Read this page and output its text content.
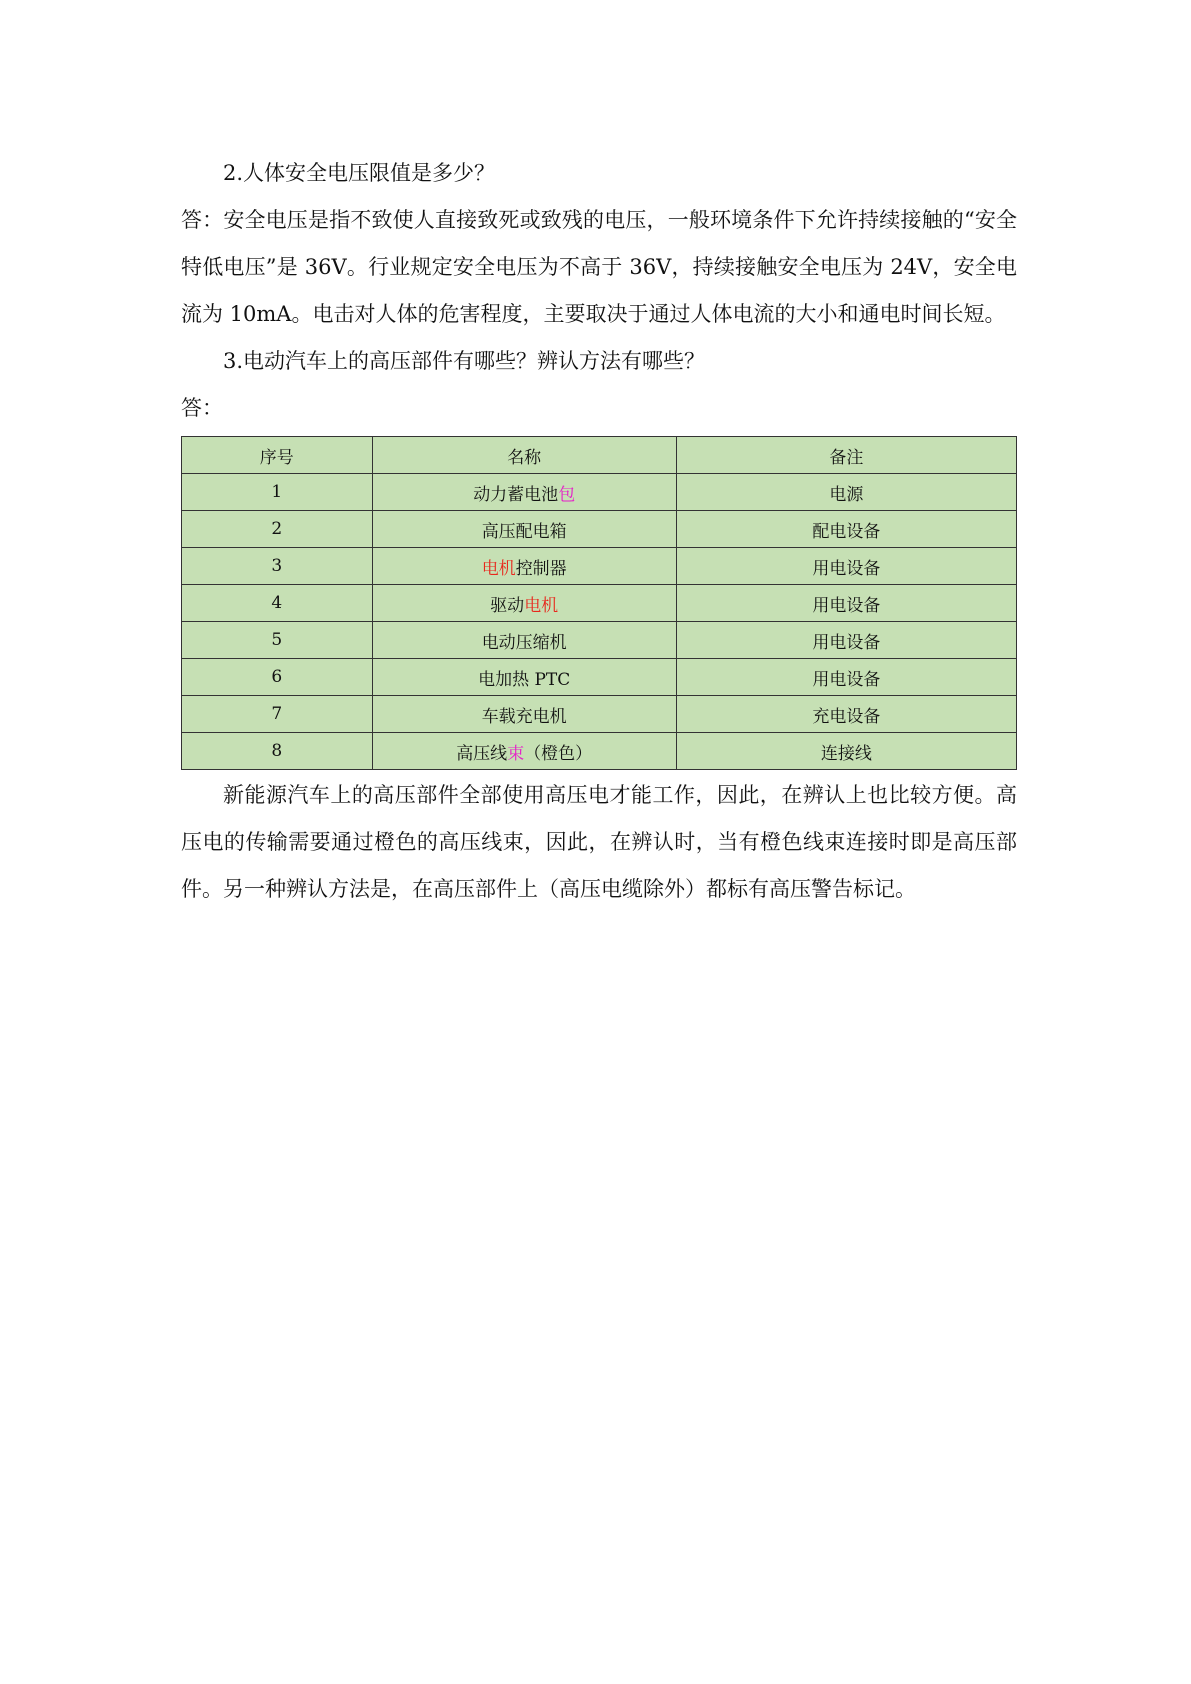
2.人体安全电压限值是多少？

答：安全电压是指不致使人直接致死或致残的电压，一般环境条件下允许持续接触的“安全特低电压”是 36V。行业规定安全电压为不高于 36V，持续接触安全电压为 24V，安全电流为 10mA。电击对人体的危害程度，主要取决于通过人体电流的大小和通电时间长短。

3.电动汽车上的高压部件有哪些？辨认方法有哪些？

答：

序号	名称	备注
1	动力蓄电池包	电源
2	高压配电箱	配电设备
3	电机控制器	用电设备
4	驱动电机	用电设备
5	电动压缩机	用电设备
6	电加热 PTC	用电设备
7	车载充电机	充电设备
8	高压线束（橙色）	连接线

新能源汽车上的高压部件全部使用高压电才能工作，因此，在辨认上也比较方便。高压电的传输需要通过橙色的高压线束，因此，在辨认时，当有橙色线束连接时即是高压部件。另一种辨认方法是，在高压部件上（高压电缆除外）都标有高压警告标记。
